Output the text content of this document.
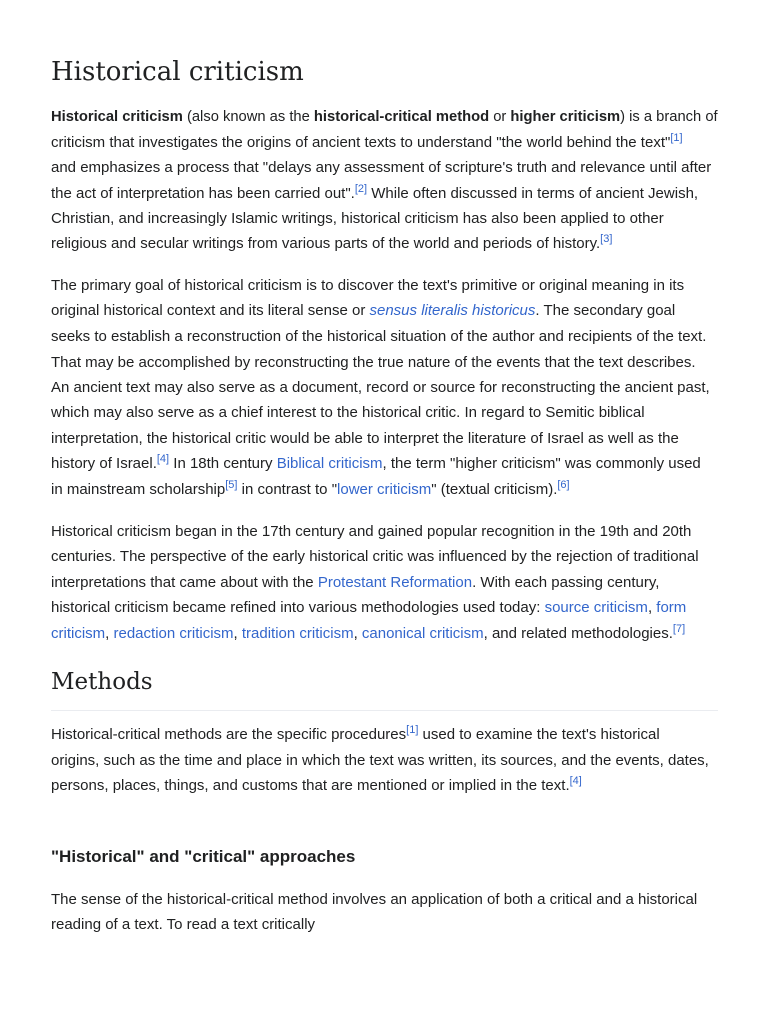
Historical criticism
Historical criticism (also known as the historical-critical method or higher criticism) is a branch of
criticism that investigates the origins of ancient texts to understand "the world behind the text"[1]
and emphasizes a process that "delays any assessment of scripture's truth and relevance until after
the act of interpretation has been carried out".[2] While often discussed in terms of ancient Jewish,
Christian, and increasingly Islamic writings, historical criticism has also been applied to other
religious and secular writings from various parts of the world and periods of history.[3]
The primary goal of historical criticism is to discover the text's primitive or original meaning in its
original historical context and its literal sense or sensus literalis historicus. The secondary goal
seeks to establish a reconstruction of the historical situation of the author and recipients of the text.
That may be accomplished by reconstructing the true nature of the events that the text describes.
An ancient text may also serve as a document, record or source for reconstructing the ancient past,
which may also serve as a chief interest to the historical critic. In regard to Semitic biblical
interpretation, the historical critic would be able to interpret the literature of Israel as well as the
history of Israel.[4] In 18th century Biblical criticism, the term "higher criticism" was commonly used
in mainstream scholarship[5] in contrast to "lower criticism" (textual criticism).[6]
Historical criticism began in the 17th century and gained popular recognition in the 19th and 20th
centuries. The perspective of the early historical critic was influenced by the rejection of traditional
interpretations that came about with the Protestant Reformation. With each passing century,
historical criticism became refined into various methodologies used today: source criticism, form
criticism, redaction criticism, tradition criticism, canonical criticism, and related methodologies.[7]
Methods
Historical-critical methods are the specific procedures[1] used to examine the text's historical
origins, such as the time and place in which the text was written, its sources, and the events, dates,
persons, places, things, and customs that are mentioned or implied in the text.[4]
"Historical" and "critical" approaches
The sense of the historical-critical method involves an application of both a critical and a historical
reading of a text. To read a text critically
